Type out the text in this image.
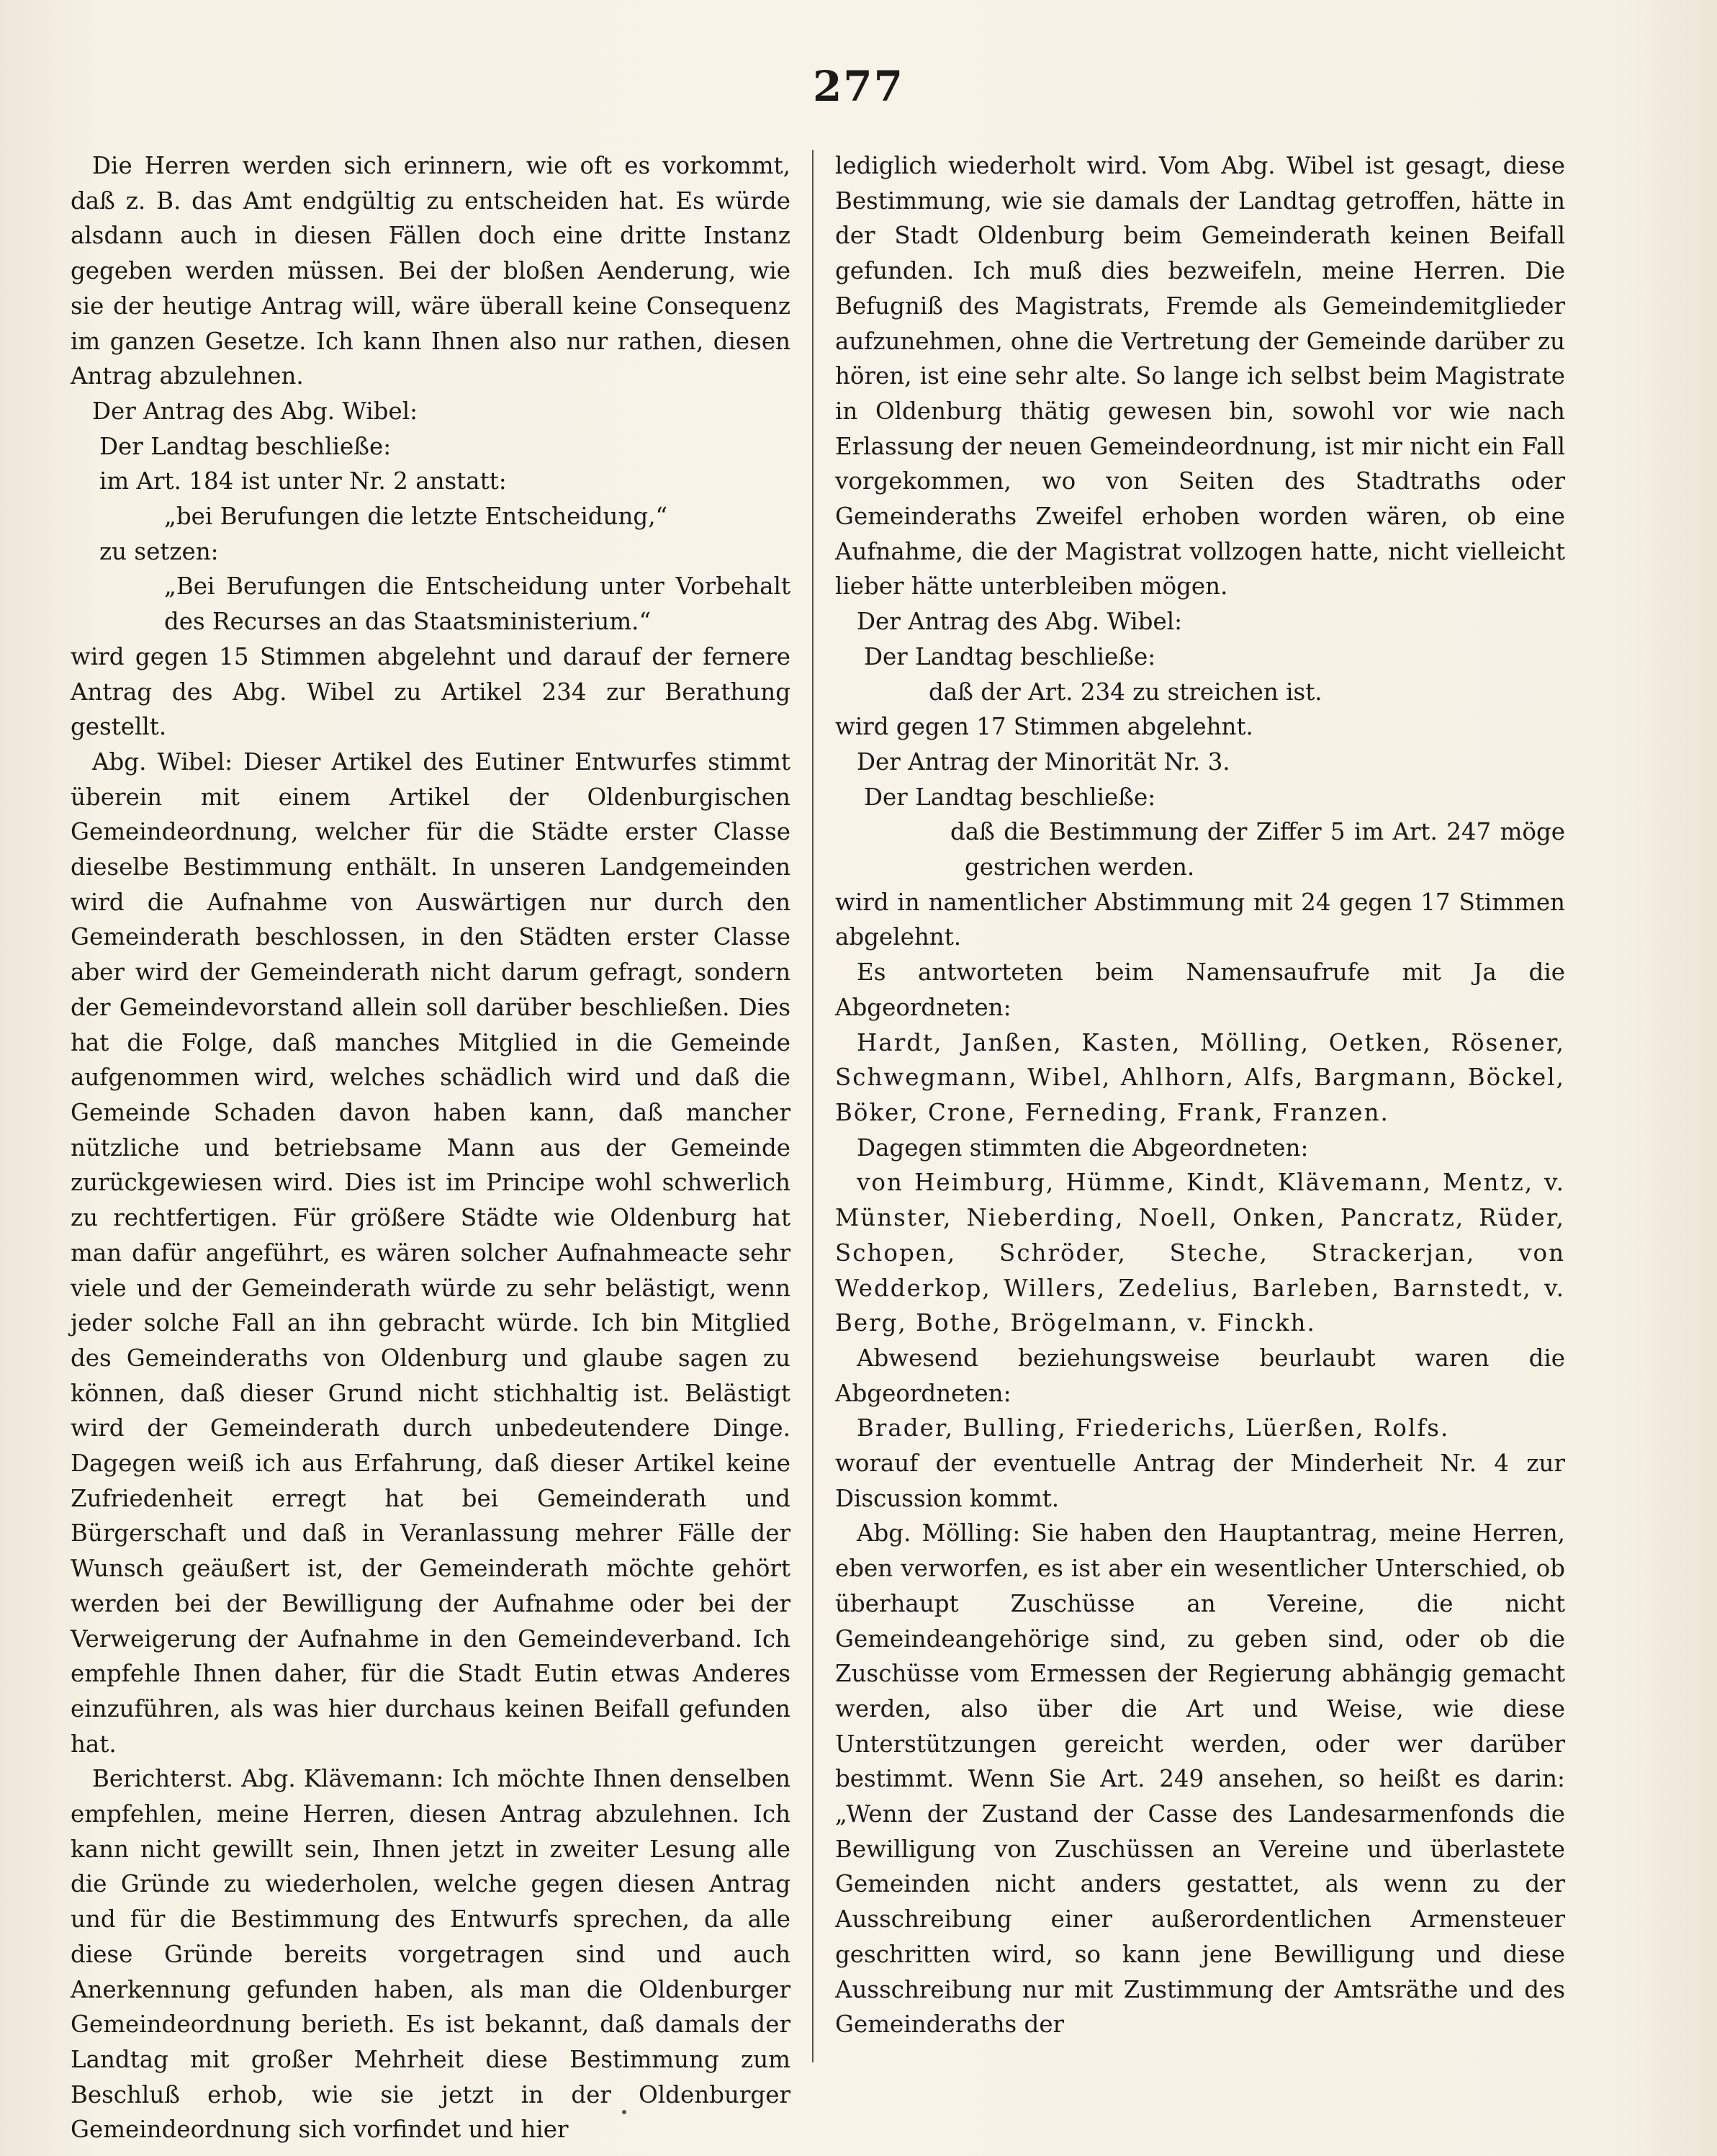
277

Die Herren werden sich erinnern, wie oft es vorkommt, daß z. B. das Amt endgültig zu entscheiden hat. Es würde alsdann auch in diesen Fällen doch eine dritte Instanz gegeben werden müssen. Bei der bloßen Aenderung, wie sie der heutige Antrag will, wäre überall keine Consequenz im ganzen Gesetze. Ich kann Ihnen also nur rathen, diesen Antrag abzulehnen.

Der Antrag des Abg. Wibel:

Der Landtag beschließe:

im Art. 184 ist unter Nr. 2 anstatt:

„bei Berufungen die letzte Entscheidung,“

zu setzen:

„Bei Berufungen die Entscheidung unter Vorbehalt des Recurses an das Staatsministerium.“

wird gegen 15 Stimmen abgelehnt und darauf der fernere Antrag des Abg. Wibel zu Artikel 234 zur Berathung gestellt.

Abg. Wibel: Dieser Artikel des Eutiner Entwurfes stimmt überein mit einem Artikel der Oldenburgischen Gemeindeordnung, welcher für die Städte erster Classe dieselbe Bestimmung enthält. In unseren Landgemeinden wird die Aufnahme von Auswärtigen nur durch den Gemeinderath beschlossen, in den Städten erster Classe aber wird der Gemeinderath nicht darum gefragt, sondern der Gemeindevorstand allein soll darüber beschließen. Dies hat die Folge, daß manches Mitglied in die Gemeinde aufgenommen wird, welches schädlich wird und daß die Gemeinde Schaden davon haben kann, daß mancher nützliche und betriebsame Mann aus der Gemeinde zurückgewiesen wird. Dies ist im Principe wohl schwerlich zu rechtfertigen. Für größere Städte wie Oldenburg hat man dafür angeführt, es wären solcher Aufnahmeacte sehr viele und der Gemeinderath würde zu sehr belästigt, wenn jeder solche Fall an ihn gebracht würde. Ich bin Mitglied des Gemeinderaths von Oldenburg und glaube sagen zu können, daß dieser Grund nicht stichhaltig ist. Belästigt wird der Gemeinderath durch unbedeutendere Dinge. Dagegen weiß ich aus Erfahrung, daß dieser Artikel keine Zufriedenheit erregt hat bei Gemeinderath und Bürgerschaft und daß in Veranlassung mehrer Fälle der Wunsch geäußert ist, der Gemeinderath möchte gehört werden bei der Bewilligung der Aufnahme oder bei der Verweigerung der Aufnahme in den Gemeindeverband. Ich empfehle Ihnen daher, für die Stadt Eutin etwas Anderes einzuführen, als was hier durchaus keinen Beifall gefunden hat.

Berichterst. Abg. Klävemann: Ich möchte Ihnen denselben empfehlen, meine Herren, diesen Antrag abzulehnen. Ich kann nicht gewillt sein, Ihnen jetzt in zweiter Lesung alle die Gründe zu wiederholen, welche gegen diesen Antrag und für die Bestimmung des Entwurfs sprechen, da alle diese Gründe bereits vorgetragen sind und auch Anerkennung gefunden haben, als man die Oldenburger Gemeindeordnung berieth. Es ist bekannt, daß damals der Landtag mit großer Mehrheit diese Bestimmung zum Beschluß erhob, wie sie jetzt in der Oldenburger Gemeindeordnung sich vorfindet und hier

lediglich wiederholt wird. Vom Abg. Wibel ist gesagt, diese Bestimmung, wie sie damals der Landtag getroffen, hätte in der Stadt Oldenburg beim Gemeinderath keinen Beifall gefunden. Ich muß dies bezweifeln, meine Herren. Die Befugniß des Magistrats, Fremde als Gemeindemitglieder aufzunehmen, ohne die Vertretung der Gemeinde darüber zu hören, ist eine sehr alte. So lange ich selbst beim Magistrate in Oldenburg thätig gewesen bin, sowohl vor wie nach Erlassung der neuen Gemeindeordnung, ist mir nicht ein Fall vorgekommen, wo von Seiten des Stadtraths oder Gemeinderaths Zweifel erhoben worden wären, ob eine Aufnahme, die der Magistrat vollzogen hatte, nicht vielleicht lieber hätte unterbleiben mögen.

Der Antrag des Abg. Wibel:

Der Landtag beschließe:

daß der Art. 234 zu streichen ist.

wird gegen 17 Stimmen abgelehnt.

Der Antrag der Minorität Nr. 3.

Der Landtag beschließe:

daß die Bestimmung der Ziffer 5 im Art. 247 möge gestrichen werden.

wird in namentlicher Abstimmung mit 24 gegen 17 Stimmen abgelehnt.

Es antworteten beim Namensaufrufe mit Ja die Abgeordneten:

Hardt, Janßen, Kasten, Mölling, Oetken, Rösener, Schwegmann, Wibel, Ahlhorn, Alfs, Bargmann, Böckel, Böker, Crone, Ferneding, Frank, Franzen.

Dagegen stimmten die Abgeordneten:

von Heimburg, Hümme, Kindt, Klävemann, Mentz, v. Münster, Nieberding, Noell, Onken, Pancratz, Rüder, Schopen, Schröder, Steche, Strackerjan, von Wedderkop, Willers, Zedelius, Barleben, Barnstedt, v. Berg, Bothe, Brögelmann, v. Finckh.

Abwesend beziehungsweise beurlaubt waren die Abgeordneten:

Brader, Bulling, Friederichs, Lüerßen, Rolfs.

worauf der eventuelle Antrag der Minderheit Nr. 4 zur Discussion kommt.

Abg. Mölling: Sie haben den Hauptantrag, meine Herren, eben verworfen, es ist aber ein wesentlicher Unterschied, ob überhaupt Zuschüsse an Vereine, die nicht Gemeindeangehörige sind, zu geben sind, oder ob die Zuschüsse vom Ermessen der Regierung abhängig gemacht werden, also über die Art und Weise, wie diese Unterstützungen gereicht werden, oder wer darüber bestimmt. Wenn Sie Art. 249 ansehen, so heißt es darin: „Wenn der Zustand der Casse des Landesarmenfonds die Bewilligung von Zuschüssen an Vereine und überlastete Gemeinden nicht anders gestattet, als wenn zu der Ausschreibung einer außerordentlichen Armensteuer geschritten wird, so kann jene Bewilligung und diese Ausschreibung nur mit Zustimmung der Amtsräthe und des Gemeinderaths der
